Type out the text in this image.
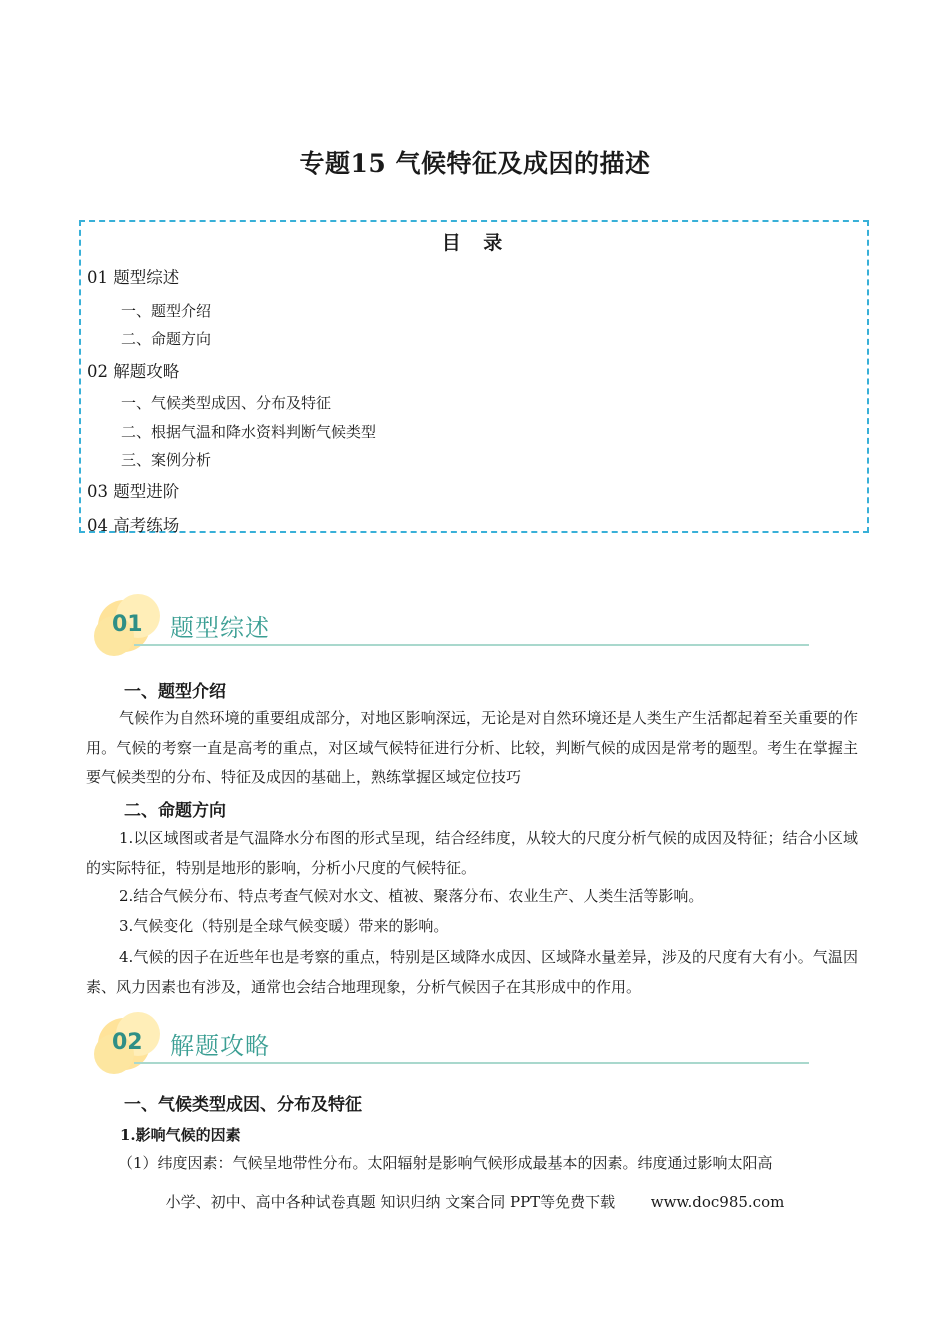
专题15 气候特征及成因的描述
目 录
01 题型综述
一、题型介绍
二、命题方向
02 解题攻略
一、气候类型成因、分布及特征
二、根据气温和降水资料判断气候类型
三、案例分析
03 题型进阶
04 高考练场
01 题型综述
一、题型介绍
气候作为自然环境的重要组成部分，对地区影响深远，无论是对自然环境还是人类生产生活都起着至关重要的作用。气候的考察一直是高考的重点，对区域气候特征进行分析、比较，判断气候的成因是常考的题型。考生在掌握主要气候类型的分布、特征及成因的基础上，熟练掌握区域定位技巧
二、命题方向
1.以区域图或者是气温降水分布图的形式呈现，结合经纬度，从较大的尺度分析气候的成因及特征；结合小区域的实际特征，特别是地形的影响，分析小尺度的气候特征。
2.结合气候分布、特点考查气候对水文、植被、聚落分布、农业生产、人类生活等影响。
3.气候变化（特别是全球气候变暖）带来的影响。
4.气候的因子在近些年也是考察的重点，特别是区域降水成因、区域降水量差异，涉及的尺度有大有小。气温因素、风力因素也有涉及，通常也会结合地理现象，分析气候因子在其形成中的作用。
02 解题攻略
一、气候类型成因、分布及特征
1.影响气候的因素
（1）纬度因素：气候呈地带性分布。太阳辐射是影响气候形成最基本的因素。纬度通过影响太阳高
小学、初中、高中各种试卷真题 知识归纳 文案合同 PPT等免费下载 www.doc985.com
